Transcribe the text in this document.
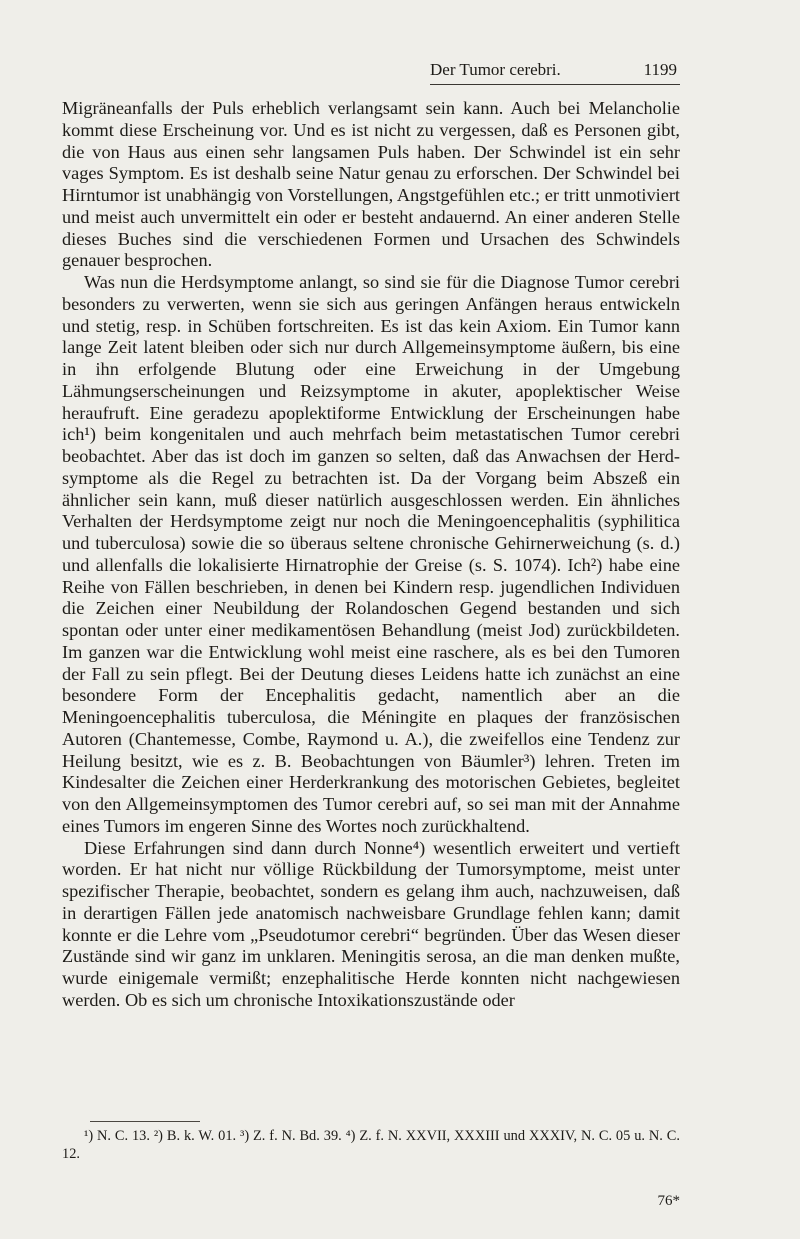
Der Tumor cerebri.	1199

Migräneanfalls der Puls erheblich verlangsamt sein kann. Auch bei Melancholie kommt diese Erscheinung vor. Und es ist nicht zu vergessen, daß es Personen gibt, die von Haus aus einen sehr langsamen Puls haben. Der Schwindel ist ein sehr vages Symptom. Es ist deshalb seine Natur genau zu erforschen. Der Schwindel bei Hirntumor ist unabhängig von Vorstellungen, Angstgefühlen etc.; er tritt unmotiviert und meist auch unvermittelt ein oder er besteht andauernd. An einer anderen Stelle dieses Buches sind die verschiedenen Formen und Ursachen des Schwindels genauer besprochen.

Was nun die Herdsymptome anlangt, so sind sie für die Diagnose Tumor cerebri besonders zu verwerten, wenn sie sich aus geringen Anfängen heraus entwickeln und stetig, resp. in Schüben fortschreiten. Es ist das kein Axiom. Ein Tumor kann lange Zeit latent bleiben oder sich nur durch Allgemeinsymptome äußern, bis eine in ihn erfolgende Blutung oder eine Erweichung in der Umgebung Lähmungserscheinungen und Reizsymptome in akuter, apoplektischer Weise heraufruft. Eine geradezu apoplektiforme Entwicklung der Erscheinungen habe ich¹) beim kongenitalen und auch mehrfach beim metastatischen Tumor cerebri beobachtet. Aber das ist doch im ganzen so selten, daß das Anwachsen der Herdsymptome als die Regel zu betrachten ist. Da der Vorgang beim Abszeß ein ähnlicher sein kann, muß dieser natürlich ausgeschlossen werden. Ein ähnliches Verhalten der Herdsymptome zeigt nur noch die Meningoencephalitis (syphilitica und tuberculosa) sowie die so überaus seltene chronische Gehirnerweichung (s. d.) und allenfalls die lokalisierte Hirnatrophie der Greise (s. S. 1074). Ich²) habe eine Reihe von Fällen beschrieben, in denen bei Kindern resp. jugendlichen Individuen die Zeichen einer Neubildung der Rolandoschen Gegend bestanden und sich spontan oder unter einer medikamentösen Behandlung (meist Jod) zurückbildeten. Im ganzen war die Entwicklung wohl meist eine raschere, als es bei den Tumoren der Fall zu sein pflegt. Bei der Deutung dieses Leidens hatte ich zunächst an eine besondere Form der Encephalitis gedacht, namentlich aber an die Meningoencephalitis tuberculosa, die Méningite en plaques der französischen Autoren (Chantemesse, Combe, Raymond u. A.), die zweifellos eine Tendenz zur Heilung besitzt, wie es z. B. Beobachtungen von Bäumler³) lehren. Treten im Kindesalter die Zeichen einer Herderkrankung des motorischen Gebietes, begleitet von den Allgemeinsymptomen des Tumor cerebri auf, so sei man mit der Annahme eines Tumors im engeren Sinne des Wortes noch zurückhaltend.

Diese Erfahrungen sind dann durch Nonne⁴) wesentlich erweitert und vertieft worden. Er hat nicht nur völlige Rückbildung der Tumorsymptome, meist unter spezifischer Therapie, beobachtet, sondern es gelang ihm auch, nachzuweisen, daß in derartigen Fällen jede anatomisch nachweisbare Grundlage fehlen kann; damit konnte er die Lehre vom „Pseudotumor cerebri“ begründen. Über das Wesen dieser Zustände sind wir ganz im unklaren. Meningitis serosa, an die man denken mußte, wurde einigemale vermißt; enzephalitische Herde konnten nicht nachgewiesen werden. Ob es sich um chronische Intoxikationszustände oder

¹) N. C. 13. ²) B. k. W. 01. ³) Z. f. N. Bd. 39. ⁴) Z. f. N. XXVII, XXXIII und XXXIV, N. C. 05 u. N. C. 12.
76*
